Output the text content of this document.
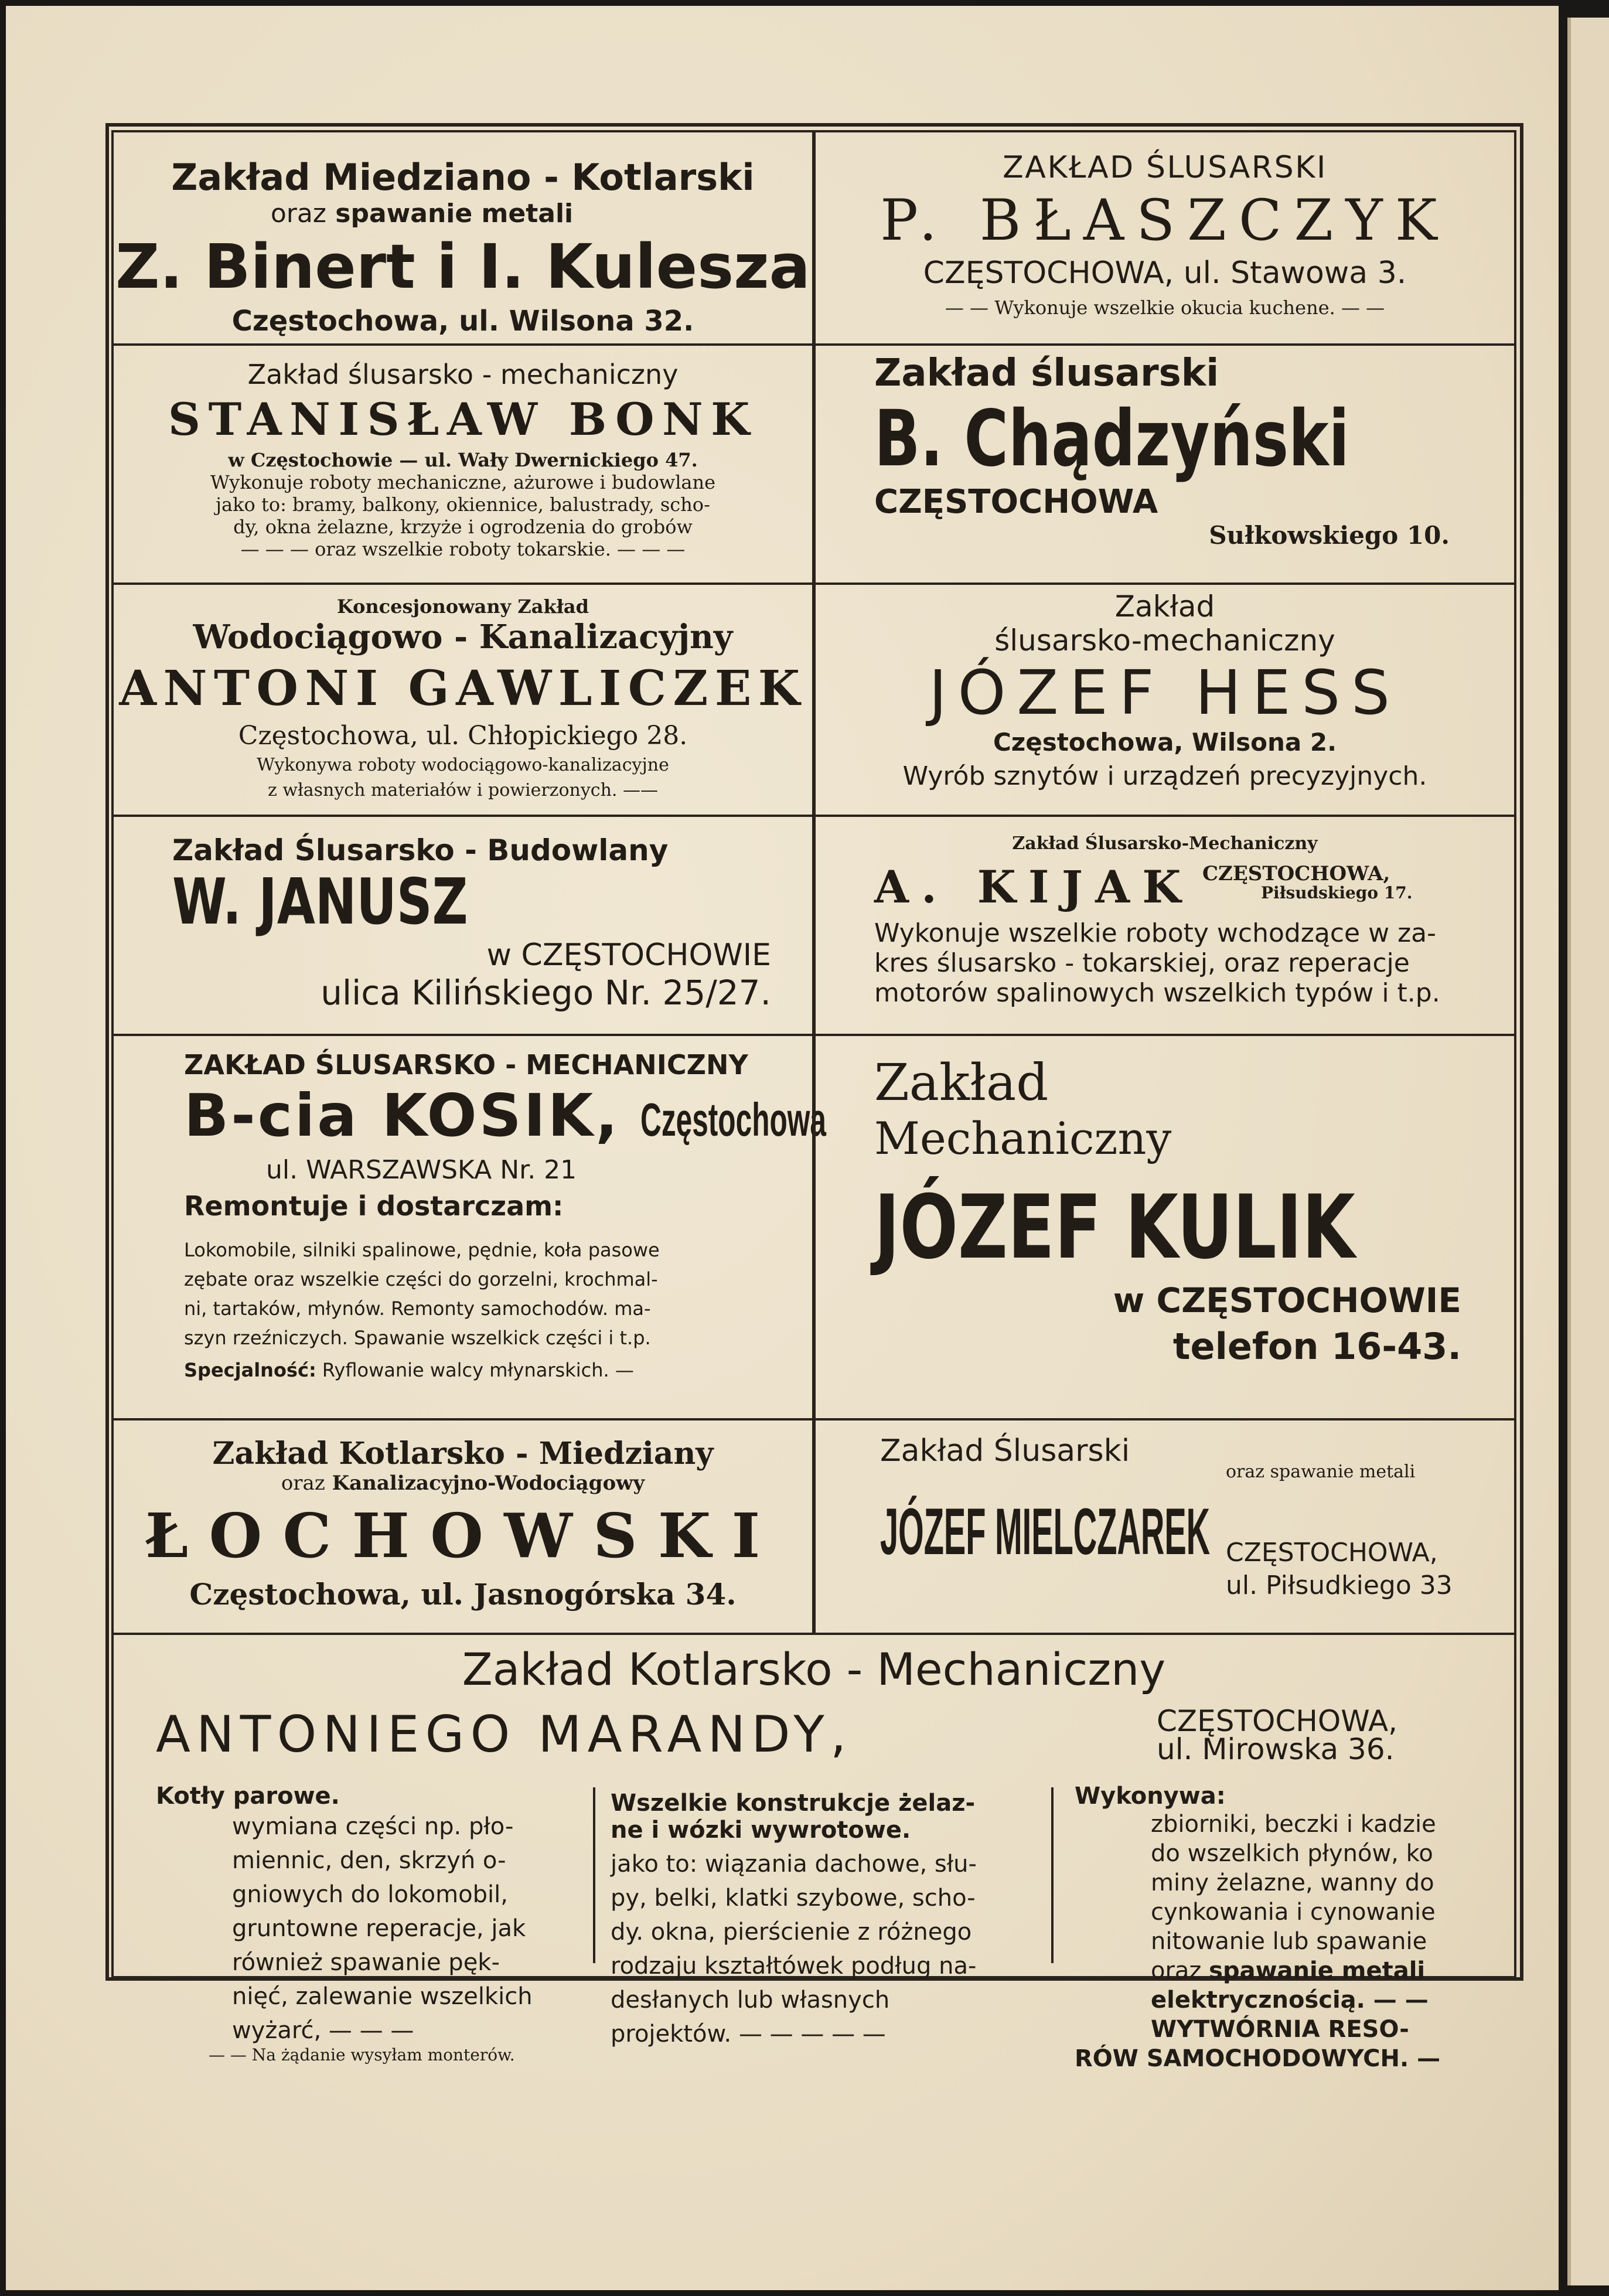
Zakład Miedziano - Kotlarski
oraz spawanie metali
Z. Binert i I. Kulesza
Częstochowa, ul. Wilsona 32.
ZAKŁAD ŚLUSARSKI
P. BŁASZCZYK
CZĘSTOCHOWA, ul. Stawowa 3.
— — Wykonuje wszelkie okucia kuchene. — —
Zakład ślusarsko - mechaniczny
STANISŁAW BONK
w Częstochowie — ul. Wały Dwernickiego 47.
Wykonuje roboty mechaniczne, ażurowe i budowlane
jako to: bramy, balkony, okiennice, balustrady, scho-
dy, okna żelazne, krzyże i ogrodzenia do grobów
— — — oraz wszelkie roboty tokarskie. — — —
Zakład ślusarski
B. Chądzyński
CZĘSTOCHOWA
Sułkowskiego 10.
Koncesjonowany Zakład
Wodociągowo - Kanalizacyjny
ANTONI GAWLICZEK
Częstochowa, ul. Chłopickiego 28.
Wykonywa roboty wodociągowo-kanalizacyjne
z własnych materiałów i powierzonych. ——
Zakład
ślusarsko-mechaniczny
JÓZEF HESS
Częstochowa, Wilsona 2.
Wyrób sznytów i urządzeń precyzyjnych.
Zakład Ślusarsko - Budowlany
W. JANUSZ
w CZĘSTOCHOWIE
ulica Kilińskiego Nr. 25/27.
Zakład Ślusarsko-Mechaniczny
A. KIJAK CZĘSTOCHOWA,
Piłsudskiego 17.
Wykonuje wszelkie roboty wchodzące w za-
kres ślusarsko - tokarskiej, oraz reperacje
motorów spalinowych wszelkich typów i t.p.
ZAKŁAD ŚLUSARSKO - MECHANICZNY
B-cia KOSIK, Częstochowa
ul. WARSZAWSKA Nr. 21
Remontuje i dostarczam:
Lokomobile, silniki spalinowe, pędnie, koła pasowe
zębate oraz wszelkie części do gorzelni, krochmal-
ni, tartaków, młynów. Remonty samochodów. ma-
szyn rzeźniczych. Spawanie wszelkick części i t.p.
Specjalność: Ryflowanie walcy młynarskich. —
Zakład
Mechaniczny
JÓZEF KULIK
w CZĘSTOCHOWIE
telefon 16-43.
Zakład Kotlarsko - Miedziany
oraz Kanalizacyjno-Wodociągowy
ŁOCHOWSKI
Częstochowa, ul. Jasnogórska 34.
Zakład Ślusarski
oraz spawanie metali
JÓZEF MIELCZAREK CZĘSTOCHOWA,
ul. Piłsudkiego 33
Zakład Kotlarsko - Mechaniczny
ANTONIEGO MARANDY,	CZĘSTOCHOWA,
ul. Mirowska 36.
Kotły parowe.
wymiana części np. pło-
miennic, den, skrzyń o-
gniowych do lokomobil,
gruntowne reperacje, jak
również spawanie pęk-
nięć, zalewanie wszelkich
wyżarć, — — —
— — Na żądanie wysyłam monterów.
Wszelkie konstrukcje żelaz-
ne i wózki wywrotowe.
jako to: wiązania dachowe, słu-
py, belki, klatki szybowe, scho-
dy. okna, pierścienie z różnego
rodzaju kształtówek podług na-
desłanych lub własnych
projektów. — — — — —
Wykonywa:
zbiorniki, beczki i kadzie
do wszelkich płynów, ko
miny żelazne, wanny do
cynkowania i cynowanie
nitowanie lub spawanie
oraz spawanie metali
elektrycznością. — —
WYTWÓRNIA RESO-
RÓW SAMOCHODOWYCH. —
